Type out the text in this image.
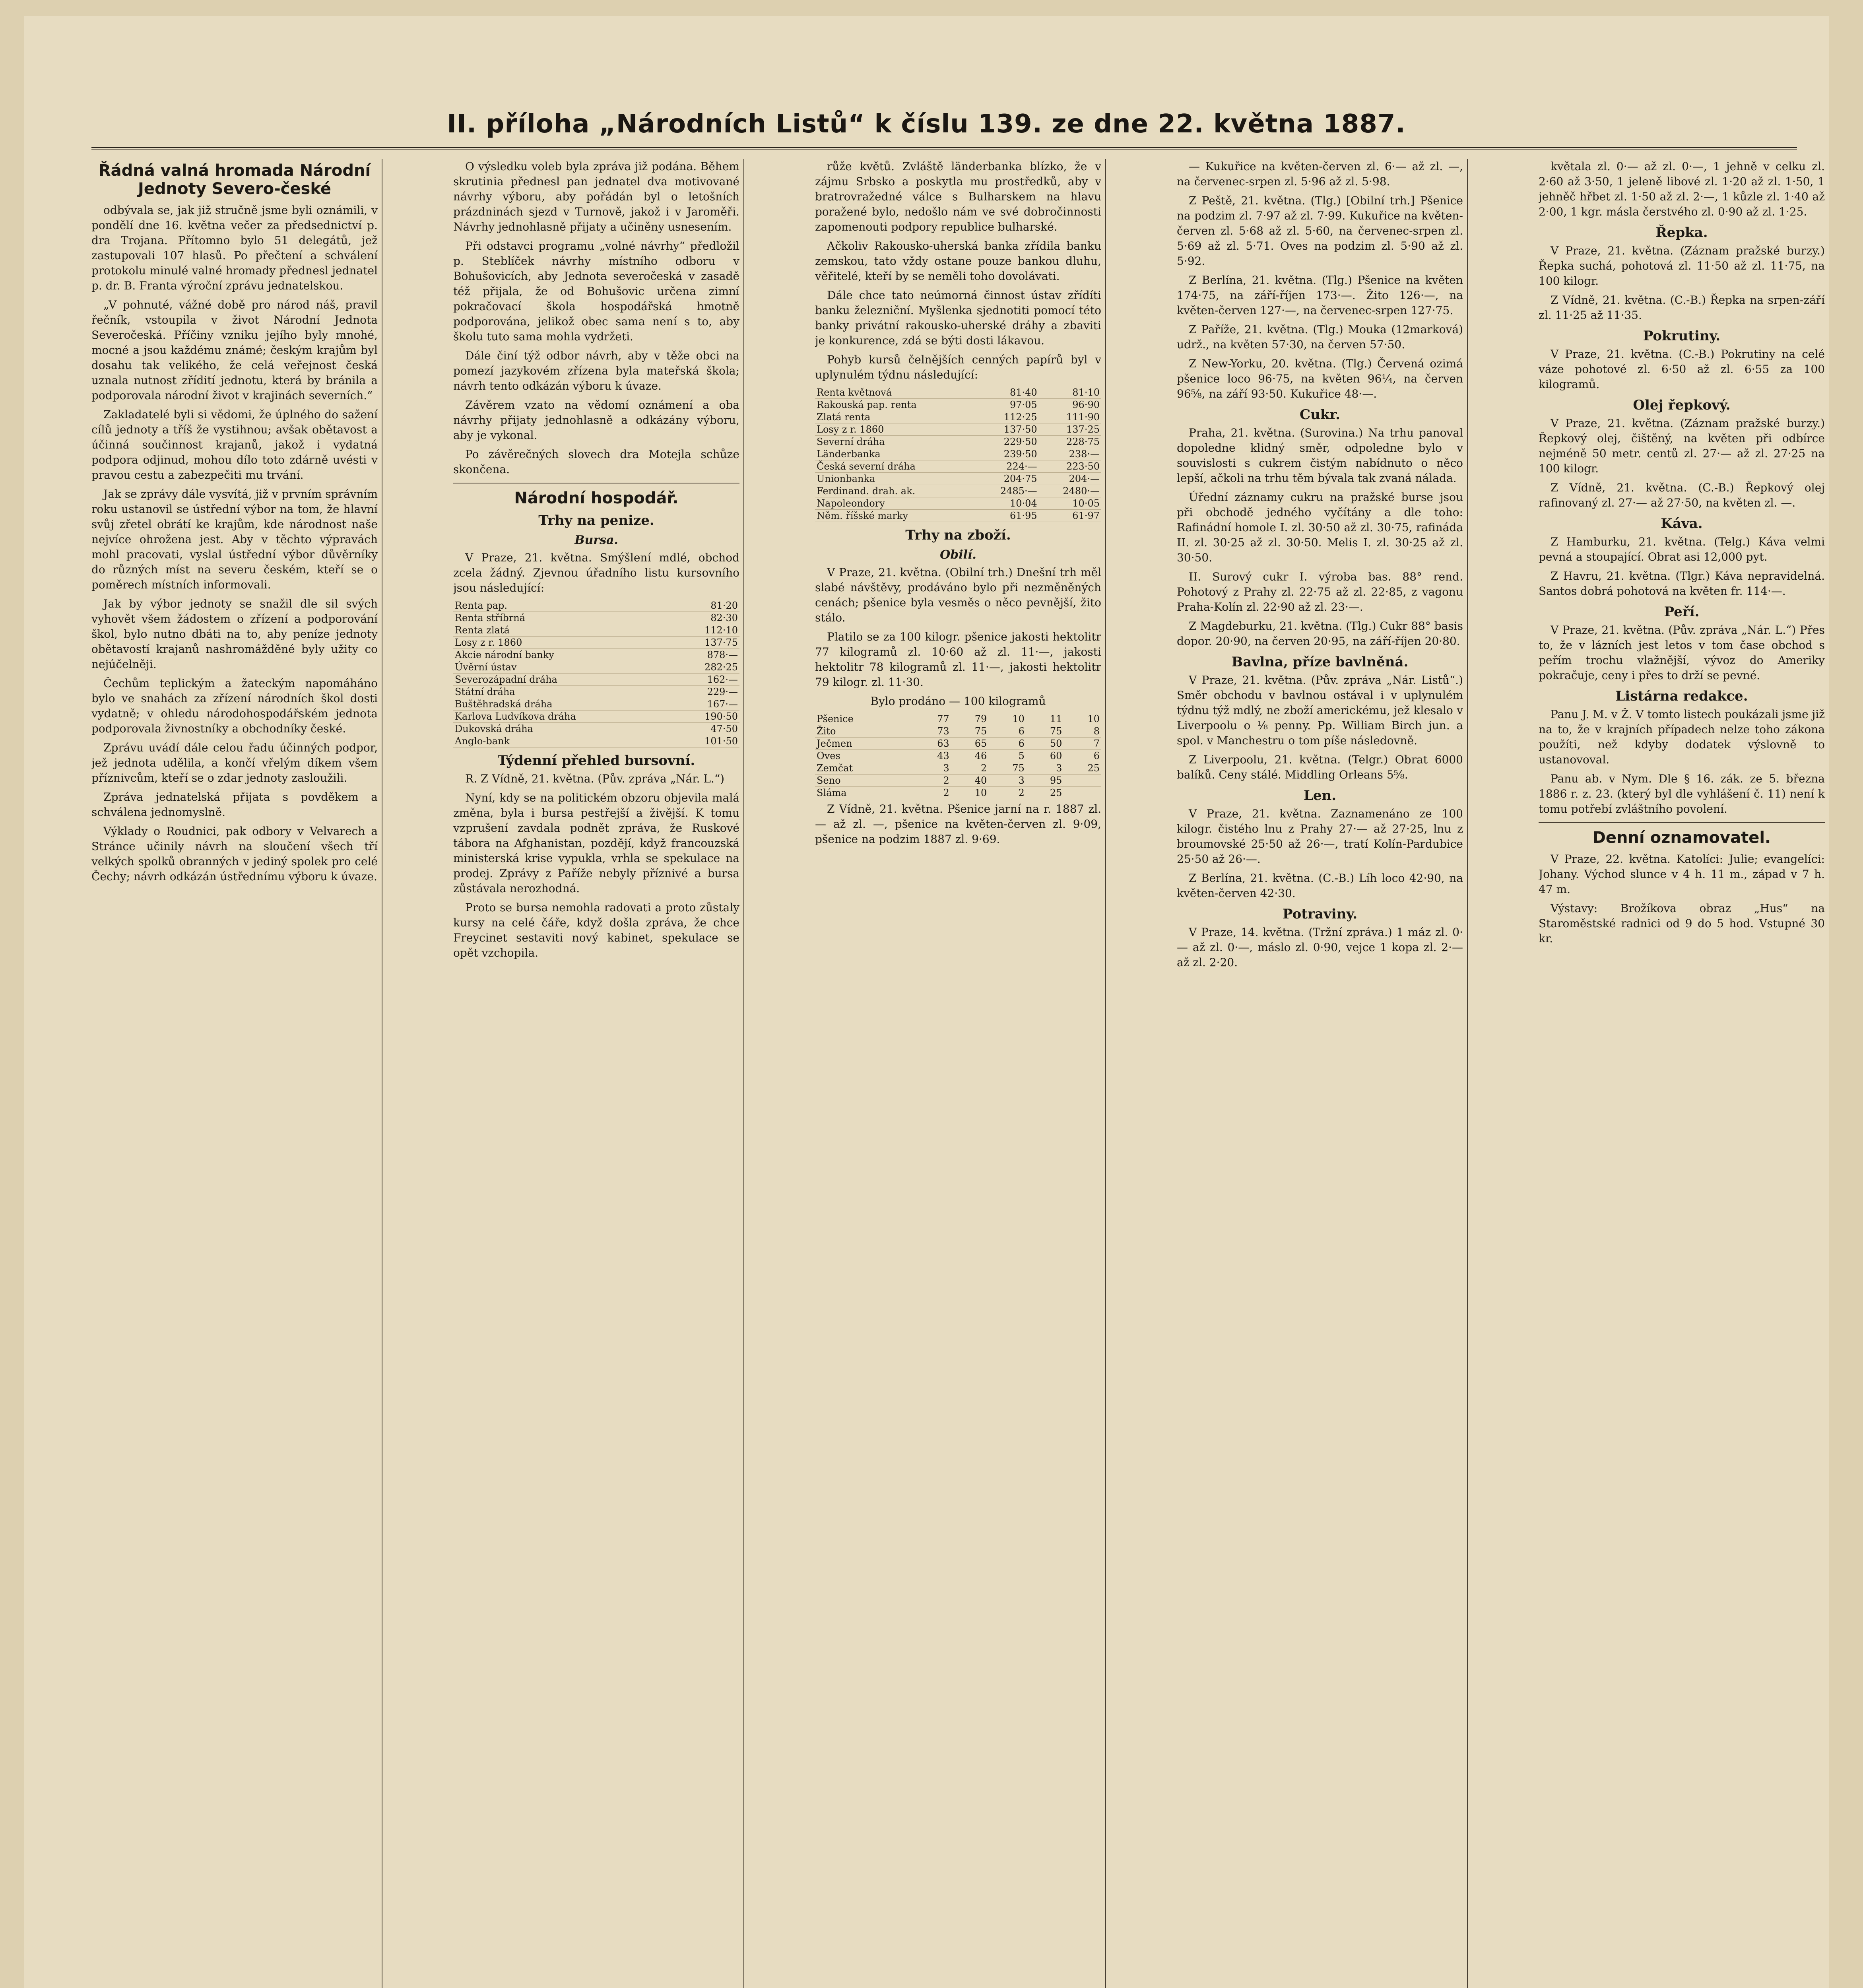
II. příloha „Národních Listů“ k číslu 139. ze dne 22. května 1887.
Řádná valná hromada Národní Jednoty Severo-české

odbývala se, jak již stručně jsme byli oznámili, v pondělí dne 16. května večer za předsednictví p. dra Trojana. Přítomno bylo 51 delegátů, jež zastupovali 107 hlasů. Po přečtení a schválení protokolu minulé valné hromady přednesl jednatel p. dr. B. Franta výroční zprávu jednatelskou.

„V pohnuté, vážné době pro národ náš, pravil řečník, vstoupila v život Národní Jednota Severočeská. Příčiny vzniku jejího byly mnohé, mocné a jsou každému známé; českým krajům byl dosahu tak velikého, že celá veřejnost česká uznala nutnost zřídití jednotu, která by bránila a podporovala národní život v krajinách severních.“

Zakladatelé byli si vědomi, že úplného do sažení cílů jednoty a tříš že vystihnou; avšak obětavost a účinná součinnost krajanů, jakož i vydatná podpora odjinud, mohou dílo toto zdárně uvésti v pravou cestu a zabezpečiti mu trvání.

Jak se zprávy dále vysvítá, již v prvním správním roku ustanovil se ústřední výbor na tom, že hlavní svůj zřetel obrátí ke krajům, kde národnost naše nejvíce ohrožena jest. Aby v těchto výpravách mohl pracovati, vyslal ústřední výbor důvěrníky do různých míst na severu českém, kteří se o poměrech místních informovali.

Jak by výbor jednoty se snažil dle sil svých vyhovět všem žádostem o zřízení a podporování škol, bylo nutno dbáti na to, aby peníze jednoty obětavostí krajanů nashromážděné byly užity co nejúčelněji.

Čechům teplickým a žateckým napomáháno bylo ve snahách za zřízení národních škol dosti vydatně; v ohledu národohospodářském jednota podporovala živnostníky a obchodníky české.

Zprávu uvádí dále celou řadu účinných podpor, jež jednota udělila, a končí vřelým díkem všem příznivcům, kteří se o zdar jednoty zasloužili.

Zpráva jednatelská přijata s povděkem a schválena jednomyslně.

Výklady o Roudnici, pak odbory v Velvarech a Stránce učinily návrh na sloučení všech tří velkých spolků obranných v jediný spolek pro celé Čechy; návrh odkázán ústřednímu výboru k úvaze.

O výsledku voleb byla zpráva již podána. Během skrutinia přednesl pan jednatel dva motivované návrhy výboru, aby pořádán byl o letošních prázdninách sjezd v Turnově, jakož i v Jaroměři. Návrhy jednohlasně přijaty a učiněny usnesením.

Při odstavci programu „volné návrhy“ předložil p. Steblíček návrhy místního odboru v Bohušovicích, aby Jednota severočeská v zasadě též přijala, že od Bohušovic určena zimní pokračovací škola hospodářská hmotně podporována, jelikož obec sama není s to, aby školu tuto sama mohla vydržeti.

Dále činí týž odbor návrh, aby v těže obci na pomezí jazykovém zřízena byla mateřská škola; návrh tento odkázán výboru k úvaze.

Závěrem vzato na vědomí oznámení a oba návrhy přijaty jednohlasně a odkázány výboru, aby je vykonal.

Po závěrečných slovech dra Motejla schůze skončena.

Národní hospodář.
Trhy na penize.
Bursa.

V Praze, 21. května. Smýšlení mdlé, obchod zcela žádný. Zjevnou úřadního listu kursovního jsou následující:

Renta pap.	81·20
Renta stříbrná	82·30
Renta zlatá	112·10
Losy z r. 1860	137·75
Akcie národní banky	878·—
Úvěrní ústav	282·25
Severozápadní dráha	162·—
Státní dráha	229·—
Buštěhradská dráha	167·—
Karlova Ludvíkova dráha	190·50
Dukovská dráha	47·50
Anglo-bank	101·50
Týdenní přehled bursovní.

R. Z Vídně, 21. května. (Pův. zpráva „Nár. L.“)

Nyní, kdy se na politickém obzoru objevila malá změna, byla i bursa pestřejší a živější. K tomu vzprušení zavdala podnět zpráva, že Ruskové tábora na Afghanistan, pozdějí, když francouzská ministerská krise vypukla, vrhla se spekulace na prodej. Zprávy z Paříže nebyly příznivé a bursa zůstávala nerozhodná.

Proto se bursa nemohla radovati a proto zůstaly kursy na celé čáře, když došla zpráva, že chce Freycinet sestaviti nový kabinet, spekulace se opět vzchopila.

růže květů. Zvláště länderbanka blízko, že v zájmu Srbsko a poskytla mu prostředků, aby v bratrovražedné válce s Bulharskem na hlavu poražené bylo, nedošlo nám ve své dobročinnosti zapomenouti podpory republice bulharské.

Ačkoliv Rakousko-uherská banka zřídila banku zemskou, tato vždy ostane pouze bankou dluhu, věřitelé, kteří by se neměli toho dovolávati.

Dále chce tato neúmorná činnost ústav zřídíti banku železniční. Myšlenka sjednotiti pomocí této banky privátní rakousko-uherské dráhy a zbaviti je konkurence, zdá se býti dosti lákavou.

Pohyb kursů čelnějších cenných papírů byl v uplynulém týdnu následující:

Renta květnová	81·40	81·10
Rakouská pap. renta	97·05	96·90
Zlatá renta	112·25	111·90
Losy z r. 1860	137·50	137·25
Severní dráha	229·50	228·75
Länderbanka	239·50	238·—
Česká severní dráha	224·—	223·50
Unionbanka	204·75	204·—
Ferdinand. drah. ak.	2485·—	2480·—
Napoleondory	10·04	10·05
Něm. říšské marky	61·95	61·97
Trhy na zboží.
Obilí.

V Praze, 21. května. (Obilní trh.) Dnešní trh měl slabé návštěvy, prodáváno bylo při nezměněných cenách; pšenice byla vesměs o něco pevnější, žito stálo.

Platilo se za 100 kilogr. pšenice jakosti hektolitr 77 kilogramů zl. 10·60 až zl. 11·—, jakosti hektolitr 78 kilogramů zl. 11·—, jakosti hektolitr 79 kilogr. zl. 11·30.

Bylo prodáno — 100 kilogramů

Pšenice	77	79	10	11	10
Žito	73	75	6	75	8
Ječmen	63	65	6	50	7
Oves	43	46	5	60	6
Zemčat	3	2	75	3	25
Seno	2	40	3	95	
Sláma	2	10	2	25	

Z Vídně, 21. května. Pšenice jarní na r. 1887 zl. — až zl. —, pšenice na květen-červen zl. 9·09, pšenice na podzim 1887 zl. 9·69.

— Kukuřice na květen-červen zl. 6·— až zl. —, na červenec-srpen zl. 5·96 až zl. 5·98.

Z Peště, 21. května. (Tlg.) [Obilní trh.] Pšenice na podzim zl. 7·97 až zl. 7·99. Kukuřice na květen-červen zl. 5·68 až zl. 5·60, na červenec-srpen zl. 5·69 až zl. 5·71. Oves na podzim zl. 5·90 až zl. 5·92.

Z Berlína, 21. května. (Tlg.) Pšenice na květen 174·75, na září-říjen 173·—. Žito 126·—, na květen-červen 127·—, na červenec-srpen 127·75.

Z Paříže, 21. května. (Tlg.) Mouka (12marková) udrž., na květen 57·30, na červen 57·50.

Z New-Yorku, 20. května. (Tlg.) Červená ozimá pšenice loco 96·75, na květen 96¼, na červen 96⅝, na září 93·50. Kukuřice 48·—.

Cukr.

Praha, 21. května. (Surovina.) Na trhu panoval dopoledne klidný směr, odpoledne bylo v souvislosti s cukrem čistým nabídnuto o něco lepší, ačkoli na trhu těm bývala tak zvaná nálada.

Úřední záznamy cukru na pražské burse jsou při obchodě jedného vyčítány a dle toho: Rafinádní homole I. zl. 30·50 až zl. 30·75, rafináda II. zl. 30·25 až zl. 30·50. Melis I. zl. 30·25 až zl. 30·50.

II. Surový cukr I. výroba bas. 88° rend. Pohotový z Prahy zl. 22·75 až zl. 22·85, z vagonu Praha-Kolín zl. 22·90 až zl. 23·—.

Z Magdeburku, 21. května. (Tlg.) Cukr 88° basis dopor. 20·90, na červen 20·95, na září-říjen 20·80.

Bavlna, příze bavlněná.

V Praze, 21. května. (Pův. zpráva „Nár. Listů“.) Směr obchodu v bavlnou ostával i v uplynulém týdnu týž mdlý, ne zboží americkému, jež klesalo v Liverpoolu o ⅛ penny. Pp. William Birch jun. a spol. v Manchestru o tom píše následovně.

Z Liverpoolu, 21. května. (Telgr.) Obrat 6000 balíků. Ceny stálé. Middling Orleans 5⅝.

Len.

V Praze, 21. května. Zaznamenáno ze 100 kilogr. čistého lnu z Prahy 27·— až 27·25, lnu z broumovské 25·50 až 26·—, tratí Kolín-Pardubice 25·50 až 26·—.

Z Berlína, 21. května. (C.-B.) Líh loco 42·90, na květen-červen 42·30.

Potraviny.

V Praze, 14. května. (Tržní zpráva.) 1 máz zl. 0·— až zl. 0·—, máslo zl. 0·90, vejce 1 kopa zl. 2·— až zl. 2·20.

květala zl. 0·— až zl. 0·—, 1 jehně v celku zl. 2·60 až 3·50, 1 jeleně libové zl. 1·20 až zl. 1·50, 1 jehněč hřbet zl. 1·50 až zl. 2·—, 1 kůzle zl. 1·40 až 2·00, 1 kgr. másla čerstvého zl. 0·90 až zl. 1·25.

Řepka.

V Praze, 21. května. (Záznam pražské burzy.) Řepka suchá, pohotová zl. 11·50 až zl. 11·75, na 100 kilogr.

Z Vídně, 21. května. (C.-B.) Řepka na srpen-září zl. 11·25 až 11·35.

Pokrutiny.

V Praze, 21. května. (C.-B.) Pokrutiny na celé váze pohotové zl. 6·50 až zl. 6·55 za 100 kilogramů.

Olej řepkový.

V Praze, 21. května. (Záznam pražské burzy.) Řepkový olej, čištěný, na květen při odbírce nejméně 50 metr. centů zl. 27·— až zl. 27·25 na 100 kilogr.

Z Vídně, 21. května. (C.-B.) Řepkový olej rafinovaný zl. 27·— až 27·50, na květen zl. —.

Káva.

Z Hamburku, 21. května. (Telg.) Káva velmi pevná a stoupající. Obrat asi 12,000 pyt.

Z Havru, 21. května. (Tlgr.) Káva nepravidelná. Santos dobrá pohotová na květen fr. 114·—.

Peří.

V Praze, 21. května. (Pův. zpráva „Nár. L.“) Přes to, že v lázních jest letos v tom čase obchod s peřím trochu vlažnější, vývoz do Ameriky pokračuje, ceny i přes to drží se pevné.

Listárna redakce.

Panu J. M. v Ž. V tomto listech poukázali jsme již na to, že v krajních případech nelze toho zákona použíti, než kdyby dodatek výslovně to ustanovoval.

Panu ab. v Nym. Dle § 16. zák. ze 5. března 1886 r. z. 23. (který byl dle vyhlášení č. 11) není k tomu potřebí zvláštního povolení.

Denní oznamovatel.

V Praze, 22. května. Katolíci: Julie; evangelíci: Johany. Východ slunce v 4 h. 11 m., západ v 7 h. 47 m.

Výstavy: Brožíkova obraz „Hus“ na Staroměstské radnici od 9 do 5 hod. Vstupné 30 kr.
